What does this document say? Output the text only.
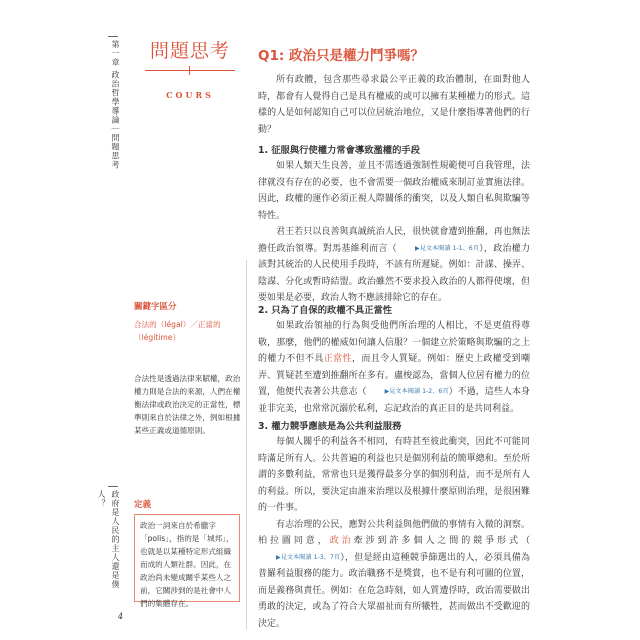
第一章 政治哲學導論｜問題思考
政府是人民的主人還是僕人？
問題思考
COURS
關鍵字區分
合法的（légal）／正當的（légitime）
合法性是透過法律來賦權，政治權力則是合法的來源，人們在權衡法律或政治決定的正當性，標準則來自於法律之外，例如根據某些正義或道德原則。
定義
政治一詞來自於希臘字「polis」，指的是「城邦」，也就是以某種特定形式組織而成的人類社群。因此，在政治尚未變成關乎某些人之前，它關涉到的是社會中人們的集體存在。
Q1: 政治只是權力鬥爭嗎？

所有政體，包含那些尋求最公平正義的政治體制，在面對他人時，都會有人覺得自己是具有權威的或可以擁有某種權力的形式。這樣的人是如何認知自己可以位居統治地位，又是什麼指導著他們的行動？

1. 征服與行使權力常會導致濫權的手段

如果人類天生良善，並且不需透過強制性規範便可自我管理，法律就沒有存在的必要，也不會需要一個政治權威來制訂並實施法律。因此，政權的運作必須正視人際關係的衝突，以及人類自私與欺騙等特性。

君王若只以良善與真誠統治人民，很快就會遭到推翻，再也無法擔任政治領導。對馬基維利而言（	▶見文本閱讀 1-1、6頁），政治權力該對其統治的人民使用手段時，不該有所遲疑。例如：計謀、操弄、陰謀、分化或暫時結盟。政治雖然不要求投入政治的人都得使壞，但要如果是必要，政治人物不應該排除它的存在。

2. 只為了自保的政權不具正當性

如果政治領袖的行為與受他們所治理的人相比，不是更值得尊敬，那麼，他們的權威如何讓人信服？一個建立於策略與欺騙的之上的權力不但不具正當性，而且令人質疑。例如：歷史上政權受到嘲弄、質疑甚至遭到推翻所在多有。盧梭認為，當個人位居有權力的位置，他便代表著公共意志（	▶見文本閱讀 1-2、6頁）不過，這些人本身並非完美，也常常沉溺於私利，忘記政治的真正目的是共同利益。

3. 權力競爭應該是為公共利益服務

每個人關乎的利益各不相同，有時甚至彼此衝突，因此不可能同時滿足所有人。公共普遍的利益也只是個別利益的簡單總和。至於所謂的多數利益，常常也只是獲得最多分享的個別利益，而不是所有人的利益。所以，要決定由誰來治理以及根據什麼原則治理，是很困難的一件事。

有志治理的公民，應對公共利益與他們做的事情有入微的洞察。柏拉圖同意，政治牽涉到許多個人之間的競爭形式（▶見文本閱讀 1-3、7頁），但是經由這種競爭篩選出的人，必須具備為普羅利益服務的能力。政治職務不是獎賞，也不是有利可圖的位置，而是義務與責任。例如：在危急時刻，如人質遭俘時，政治需要做出勇敢的決定，或為了符合大眾福祉而有所犧牲，甚而做出不受歡迎的決定。

4
